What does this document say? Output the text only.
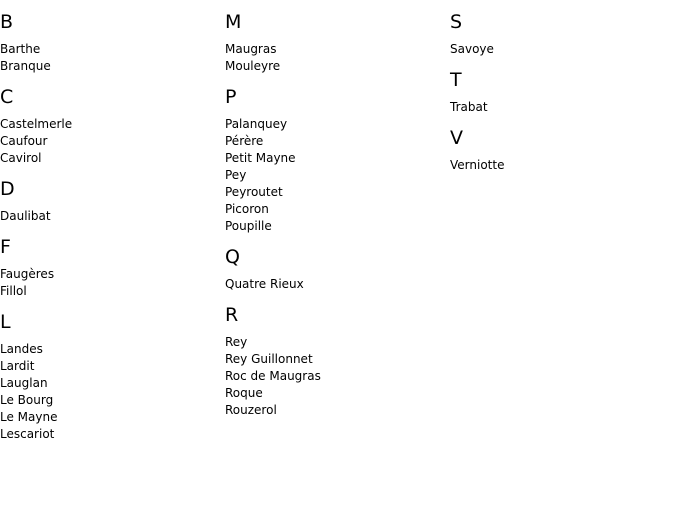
B
Barthe
Branque
C
Castelmerle
Caufour
Cavirol
D
Daulibat
F
Faugères
Fillol
L
Landes
Lardit
Lauglan
Le Bourg
Le Mayne
Lescariot
M
Maugras
Mouleyre
P
Palanquey
Pérère
Petit Mayne
Pey
Peyroutet
Picoron
Poupille
Q
Quatre Rieux
R
Rey
Rey Guillonnet
Roc de Maugras
Roque
Rouzerol
S
Savoye
T
Trabat
V
Verniotte
